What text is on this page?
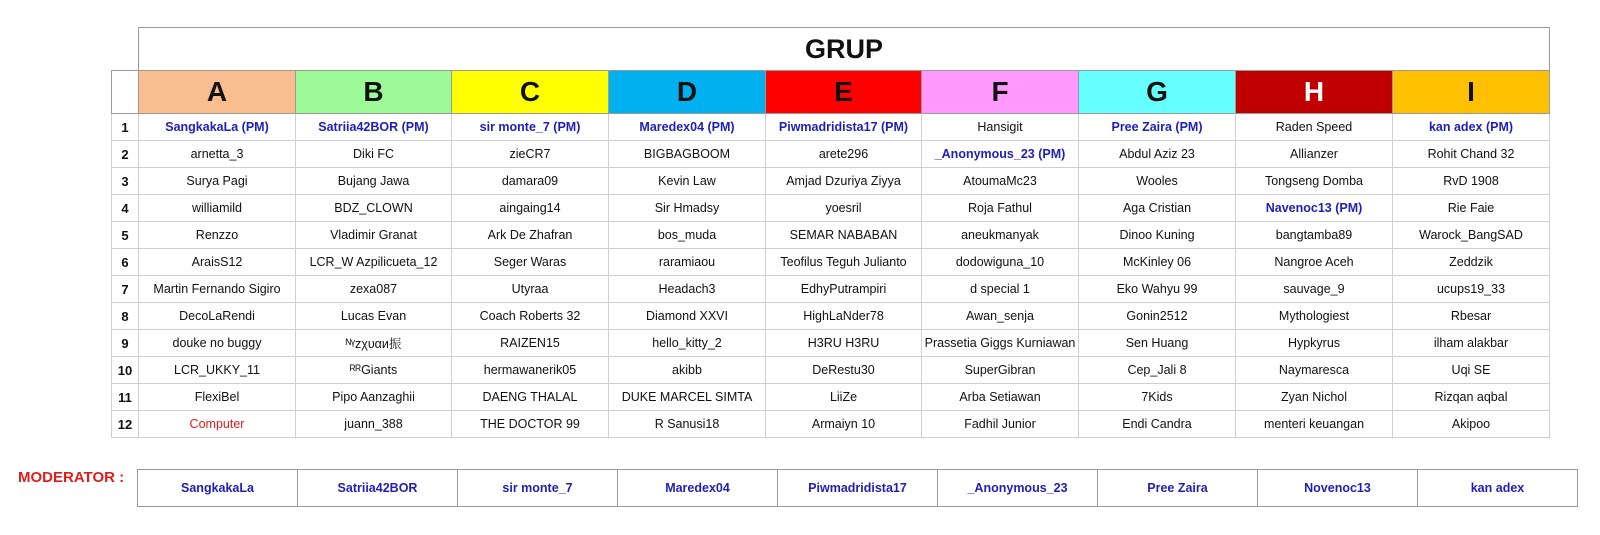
	GRUP								
	A	B	C	D	E	F	G	H	I
1	SangkakaLa (PM)	Satriia42BOR (PM)	sir monte_7 (PM)	Maredex04 (PM)	Piwmadridista17 (PM)	Hansigit	Pree Zaira (PM)	Raden Speed	kan adex (PM)
2	arnetta_3	Diki FC	zieCR7	BIGBAGBOOM	arete296	_Anonymous_23 (PM)	Abdul Aziz 23	Allianzer	Rohit Chand 32
3	Surya Pagi	Bujang Jawa	damara09	Kevin Law	Amjad Dzuriya Ziyya	AtoumaMc23	Wooles	Tongseng Domba	RvD 1908
4	williamild	BDZ_CLOWN	aingaing14	Sir Hmadsy	yoesril	Roja Fathul	Aga Cristian	Navenoc13 (PM)	Rie Faie
5	Renzzo	Vladimir Granat	Ark De Zhafran	bos_muda	SEMAR NABABAN	aneukmanyak	Dinoo Kuning	bangtamba89	Warock_BangSAD
6	AraisS12	LCR_W Azpilicueta_12	Seger Waras	raramiaou	Teofilus Teguh Julianto	dodowiguna_10	McKinley 06	Nangroe Aceh	Zeddzik
7	Martin Fernando Sigiro	zexa087	Utyraa	Headach3	EdhyPutrampiri	d special 1	Eko Wahyu 99	sauvage_9	ucups19_33
8	DecoLaRendi	Lucas Evan	Coach Roberts 32	Diamond XXVI	HighLaNder78	Awan_senja	Gonin2512	Mythologiest	Rbesar
9	douke no buggy	ᴺᵞzχυαи振	RAIZEN15	hello_kitty_2	H3RU H3RU	Prassetia Giggs Kurniawan	Sen Huang	Hypkyrus	ilham alakbar
10	LCR_UKKY_11	ᴿᴿGiants	hermawanerik05	akibb	DeRestu30	SuperGibran	Cep_Jali 8	Naymaresca	Uqi SE
11	FlexiBel	Pipo Aanzaghii	DAENG THALAL	DUKE MARCEL SIMTA	LiiZe	Arba Setiawan	7Kids	Zyan Nichol	Rizqan aqbal
12	Computer	juann_388	THE DOCTOR 99	R Sanusi18	Armaiyn 10	Fadhil Junior	Endi Candra	menteri keuangan	Akipoo
MODERATOR :
SangkakaLa	Satriia42BOR	sir monte_7	Maredex04	Piwmadridista17	_Anonymous_23	Pree Zaira	Novenoc13	kan adex
